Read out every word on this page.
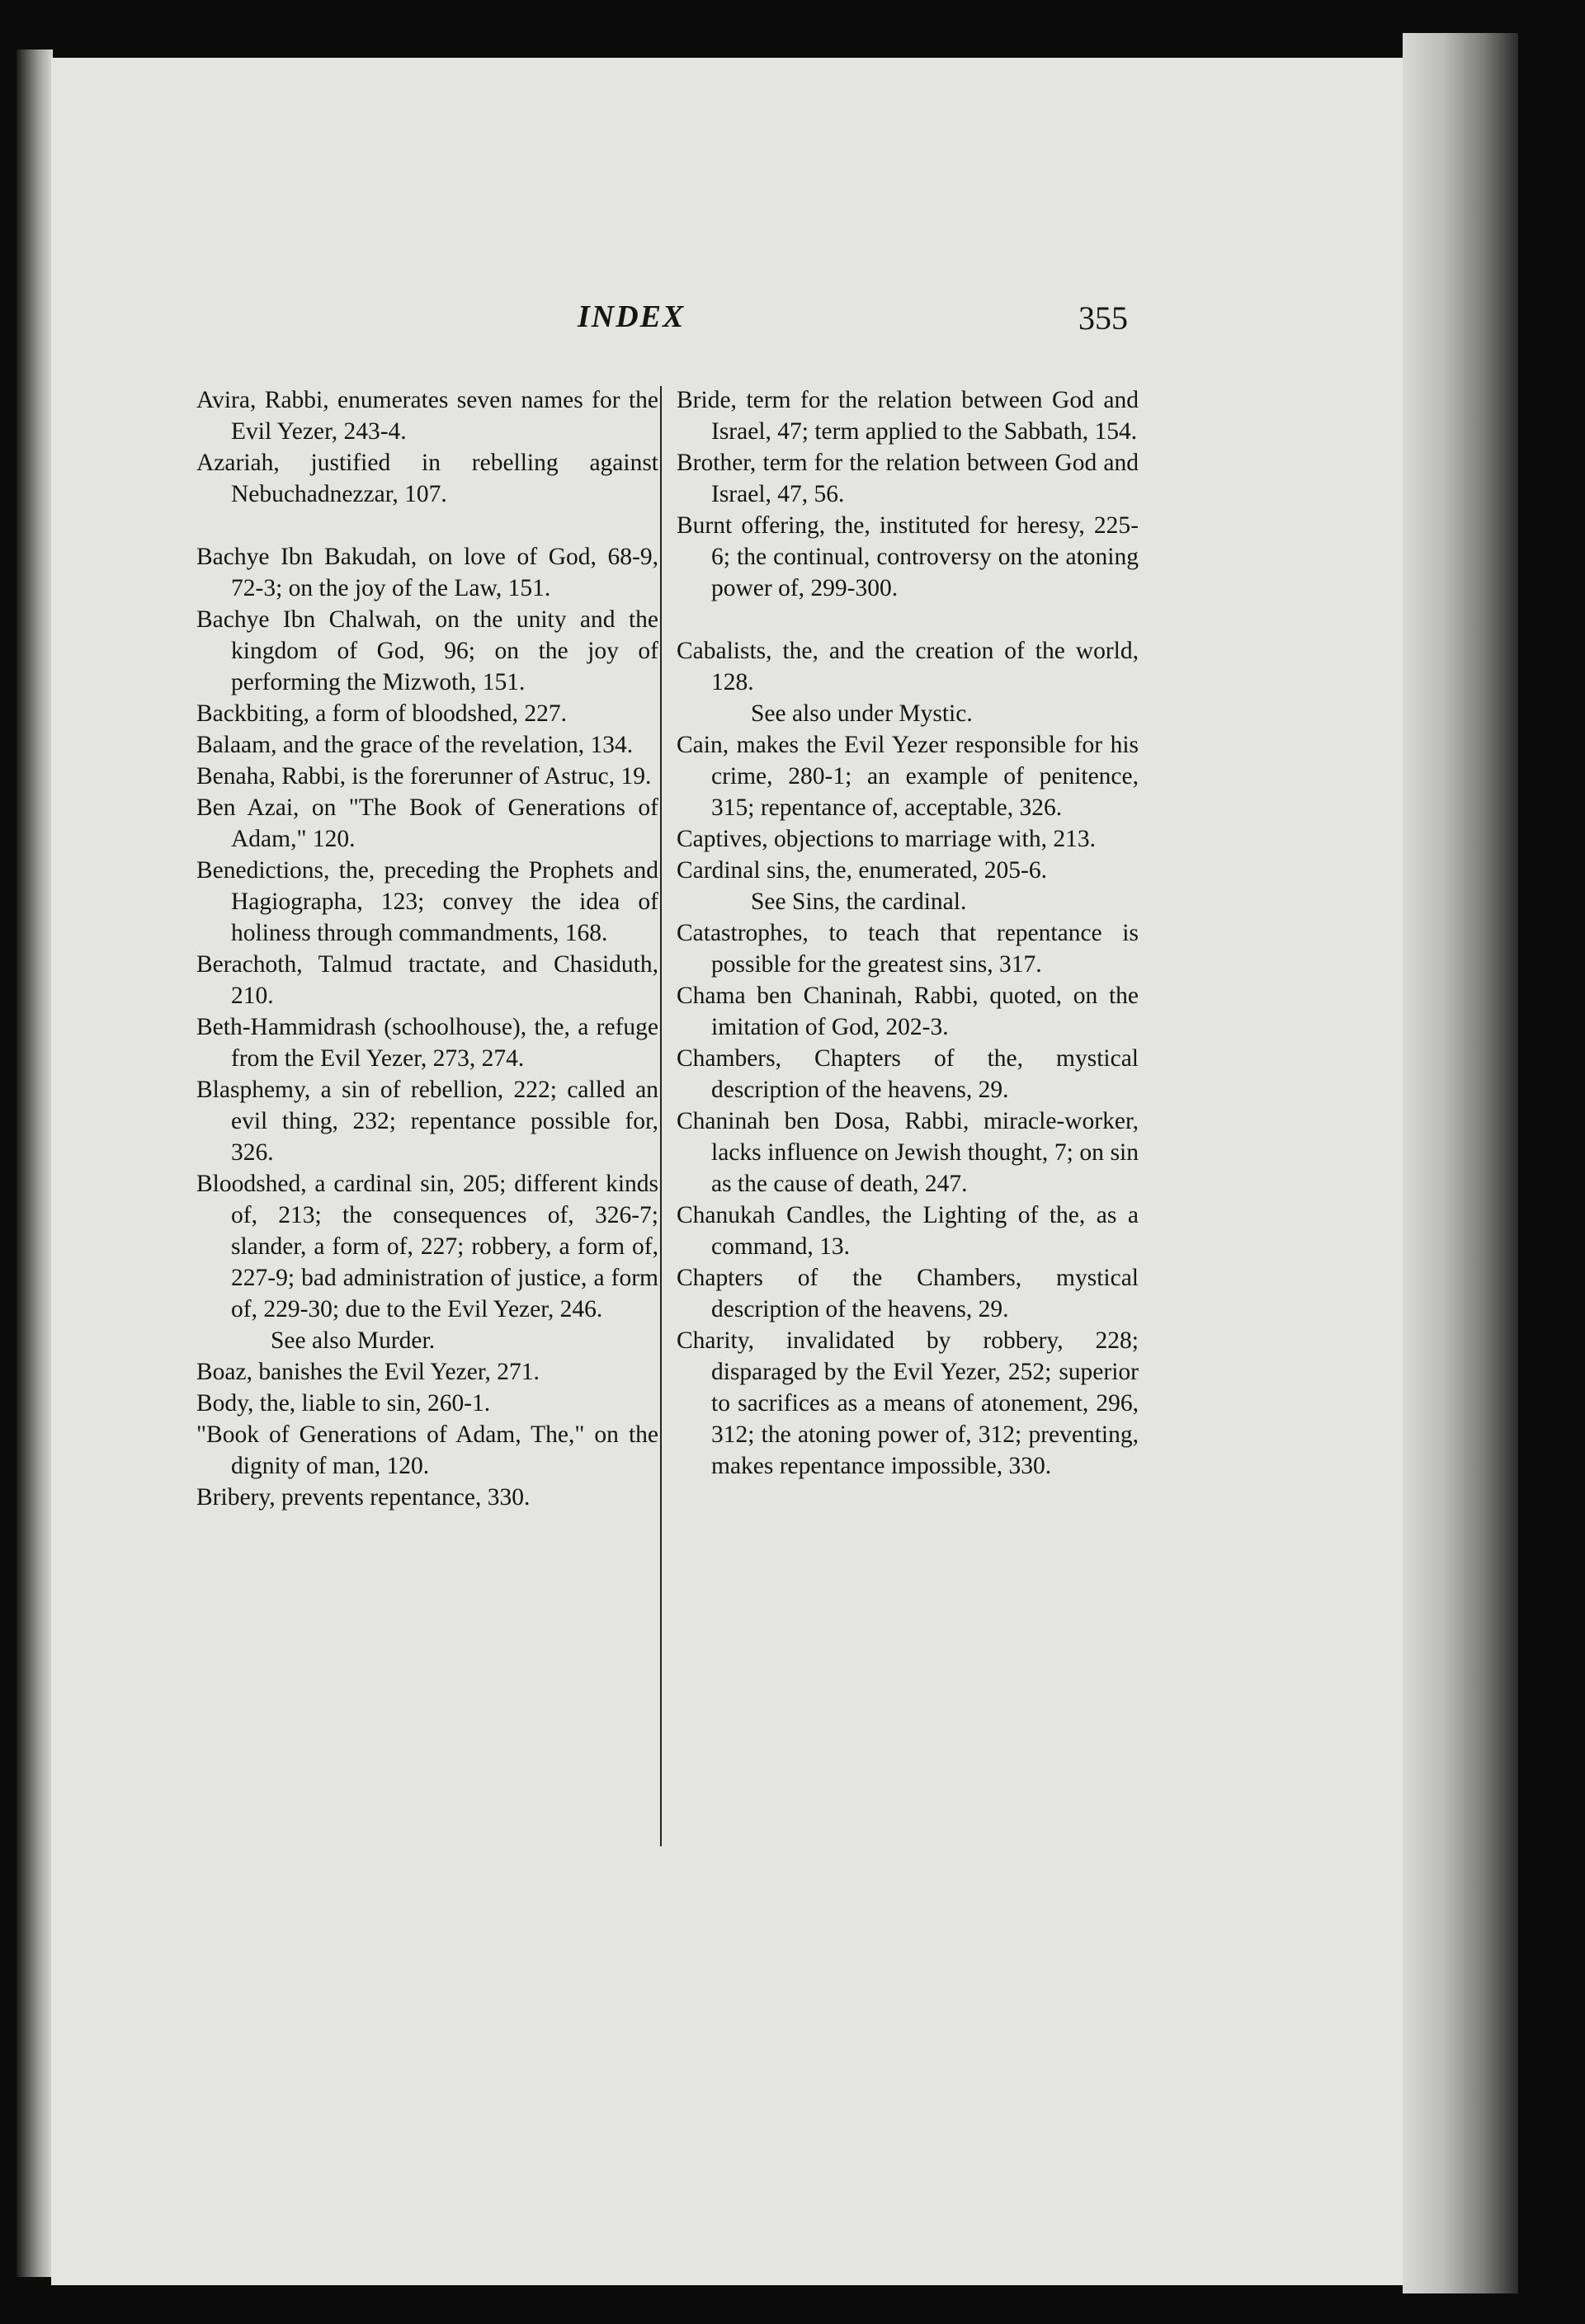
INDEX	355

Avira, Rabbi, enumerates seven names for the Evil Yezer, 243-4.

Azariah, justified in rebelling against Nebuchadnezzar, 107.

Bachye Ibn Bakudah, on love of God, 68-9, 72-3; on the joy of the Law, 151.

Bachye Ibn Chalwah, on the unity and the kingdom of God, 96; on the joy of performing the Mizwoth, 151.

Backbiting, a form of bloodshed, 227.

Balaam, and the grace of the revelation, 134.

Benaha, Rabbi, is the forerunner of Astruc, 19.

Ben Azai, on "The Book of Generations of Adam," 120.

Benedictions, the, preceding the Prophets and Hagiographa, 123; convey the idea of holiness through commandments, 168.

Berachoth, Talmud tractate, and Chasiduth, 210.

Beth-Hammidrash (schoolhouse), the, a refuge from the Evil Yezer, 273, 274.

Blasphemy, a sin of rebellion, 222; called an evil thing, 232; repentance possible for, 326.

Bloodshed, a cardinal sin, 205; different kinds of, 213; the consequences of, 326-7; slander, a form of, 227; robbery, a form of, 227-9; bad administration of justice, a form of, 229-30; due to the Evil Yezer, 246.

See also Murder.

Boaz, banishes the Evil Yezer, 271.

Body, the, liable to sin, 260-1.

"Book of Generations of Adam, The," on the dignity of man, 120.

Bribery, prevents repentance, 330.

Bride, term for the relation between God and Israel, 47; term applied to the Sabbath, 154.

Brother, term for the relation between God and Israel, 47, 56.

Burnt offering, the, instituted for heresy, 225-6; the continual, controversy on the atoning power of, 299-300.

Cabalists, the, and the creation of the world, 128.

See also under Mystic.

Cain, makes the Evil Yezer responsible for his crime, 280-1; an example of penitence, 315; repentance of, acceptable, 326.

Captives, objections to marriage with, 213.

Cardinal sins, the, enumerated, 205-6.

See Sins, the cardinal.

Catastrophes, to teach that repentance is possible for the greatest sins, 317.

Chama ben Chaninah, Rabbi, quoted, on the imitation of God, 202-3.

Chambers, Chapters of the, mystical description of the heavens, 29.

Chaninah ben Dosa, Rabbi, miracle-worker, lacks influence on Jewish thought, 7; on sin as the cause of death, 247.

Chanukah Candles, the Lighting of the, as a command, 13.

Chapters of the Chambers, mystical description of the heavens, 29.

Charity, invalidated by robbery, 228; disparaged by the Evil Yezer, 252; superior to sacrifices as a means of atonement, 296, 312; the atoning power of, 312; preventing, makes repentance impossible, 330.
